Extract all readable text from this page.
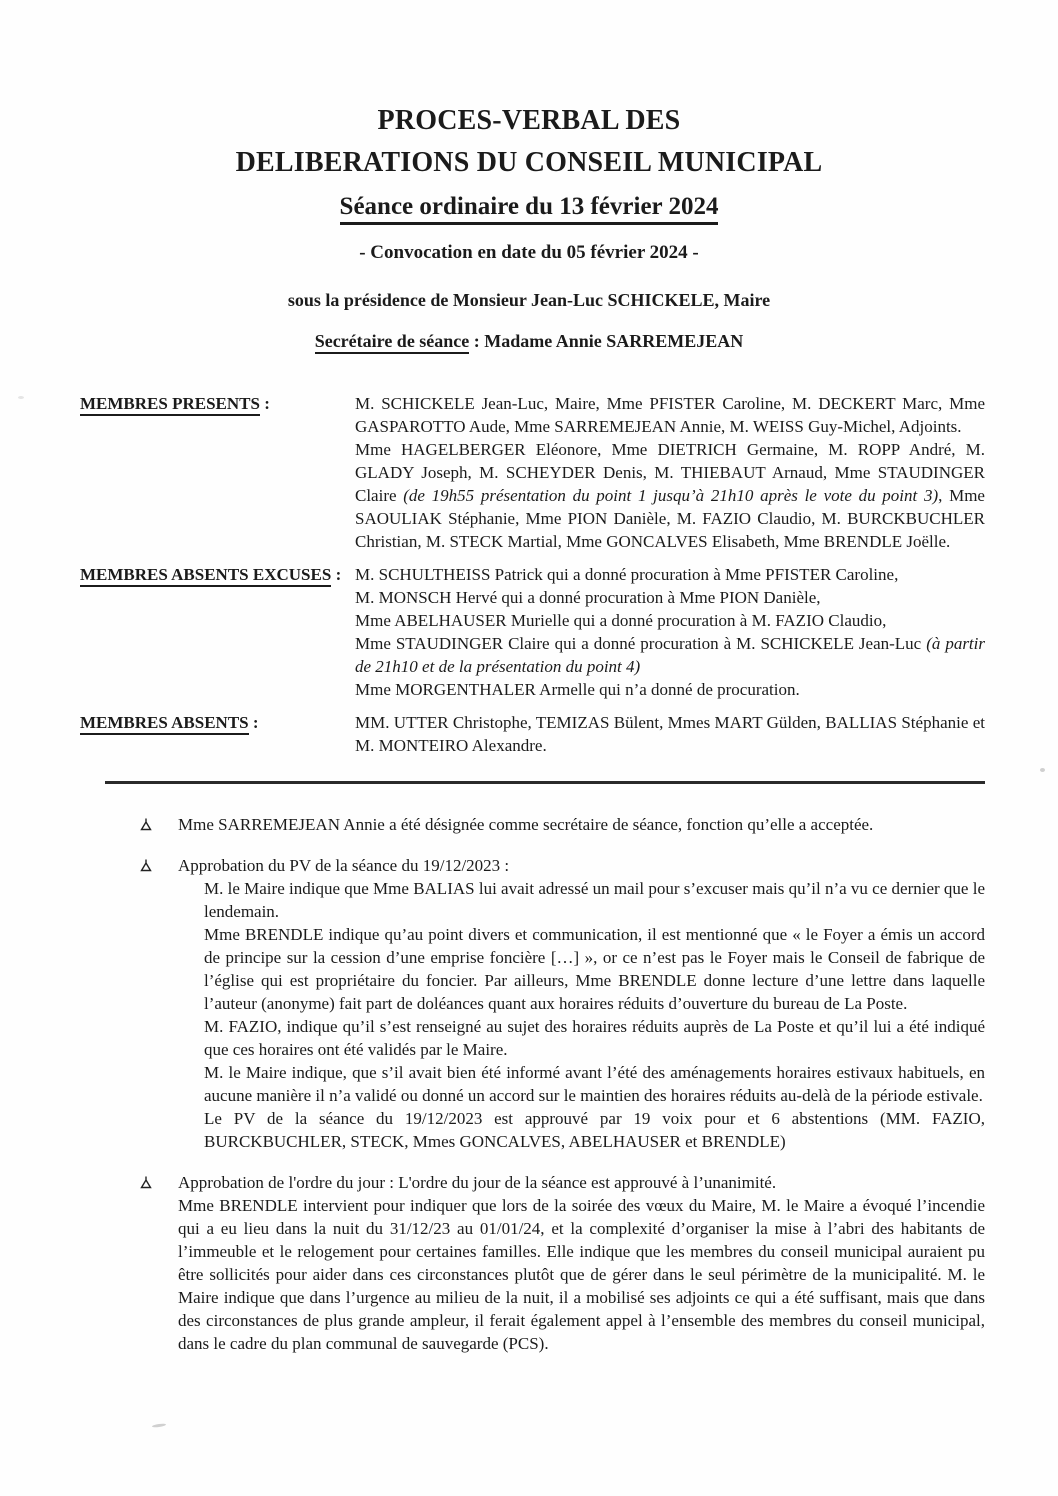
PROCES-VERBAL DES
DELIBERATIONS DU CONSEIL MUNICIPAL
Séance ordinaire du 13 février 2024
- Convocation en date du 05 février 2024 -
sous la présidence de Monsieur Jean-Luc SCHICKELE, Maire
Secrétaire de séance : Madame Annie SARREMEJEAN
MEMBRES PRESENTS :	M. SCHICKELE Jean-Luc, Maire, Mme PFISTER Caroline, M. DECKERT Marc, Mme GASPAROTTO Aude, Mme SARREMEJEAN Annie, M. WEISS Guy-Michel, Adjoints.

Mme HAGELBERGER Eléonore, Mme DIETRICH Germaine, M. ROPP André, M. GLADY Joseph, M. SCHEYDER Denis, M. THIEBAUT Arnaud, Mme STAUDINGER Claire (de 19h55 présentation du point 1 jusqu’à 21h10 après le vote du point 3), Mme SAOULIAK Stéphanie, Mme PION Danièle, M. FAZIO Claudio, M. BURCKBUCHLER Christian, M. STECK Martial, Mme GONCALVES Elisabeth, Mme BRENDLE Joëlle.

MEMBRES ABSENTS EXCUSES : M. SCHULTHEISS Patrick qui a donné procuration à Mme PFISTER Caroline,

M. MONSCH Hervé qui a donné procuration à Mme PION Danièle,

Mme ABELHAUSER Murielle qui a donné procuration à M. FAZIO Claudio,

Mme STAUDINGER Claire qui a donné procuration à M. SCHICKELE Jean-Luc (à partir de 21h10 et de la présentation du point 4)

Mme MORGENTHALER Armelle qui n’a donné de procuration.

MEMBRES ABSENTS :	MM. UTTER Christophe, TEMIZAS Bülent, Mmes MART Gülden, BALLIAS Stéphanie et M. MONTEIRO Alexandre.

Mme SARREMEJEAN Annie a été désignée comme secrétaire de séance, fonction qu’elle a acceptée.

Approbation du PV de la séance du 19/12/2023 :

M. le Maire indique que Mme BALIAS lui avait adressé un mail pour s’excuser mais qu’il n’a vu ce dernier que le lendemain.

Mme BRENDLE indique qu’au point divers et communication, il est mentionné que « le Foyer a émis un accord de principe sur la cession d’une emprise foncière […] », or ce n’est pas le Foyer mais le Conseil de fabrique de l’église qui est propriétaire du foncier. Par ailleurs, Mme BRENDLE donne lecture d’une lettre dans laquelle l’auteur (anonyme) fait part de doléances quant aux horaires réduits d’ouverture du bureau de La Poste.

M. FAZIO, indique qu’il s’est renseigné au sujet des horaires réduits auprès de La Poste et qu’il lui a été indiqué que ces horaires ont été validés par le Maire.

M. le Maire indique, que s’il avait bien été informé avant l’été des aménagements horaires estivaux habituels, en aucune manière il n’a validé ou donné un accord sur le maintien des horaires réduits au-delà de la période estivale.

Le PV de la séance du 19/12/2023 est approuvé par 19 voix pour et 6 abstentions (MM. FAZIO, BURCKBUCHLER, STECK, Mmes GONCALVES, ABELHAUSER et BRENDLE)

Approbation de l'ordre du jour : L'ordre du jour de la séance est approuvé à l’unanimité.

Mme BRENDLE intervient pour indiquer que lors de la soirée des vœux du Maire, M. le Maire a évoqué l’incendie qui a eu lieu dans la nuit du 31/12/23 au 01/01/24, et la complexité d’organiser la mise à l’abri des habitants de l’immeuble et le relogement pour certaines familles. Elle indique que les membres du conseil municipal auraient pu être sollicités pour aider dans ces circonstances plutôt que de gérer dans le seul périmètre de la municipalité. M. le Maire indique que dans l’urgence au milieu de la nuit, il a mobilisé ses adjoints ce qui a été suffisant, mais que dans des circonstances de plus grande ampleur, il ferait également appel à l’ensemble des membres du conseil municipal, dans le cadre du plan communal de sauvegarde (PCS).
